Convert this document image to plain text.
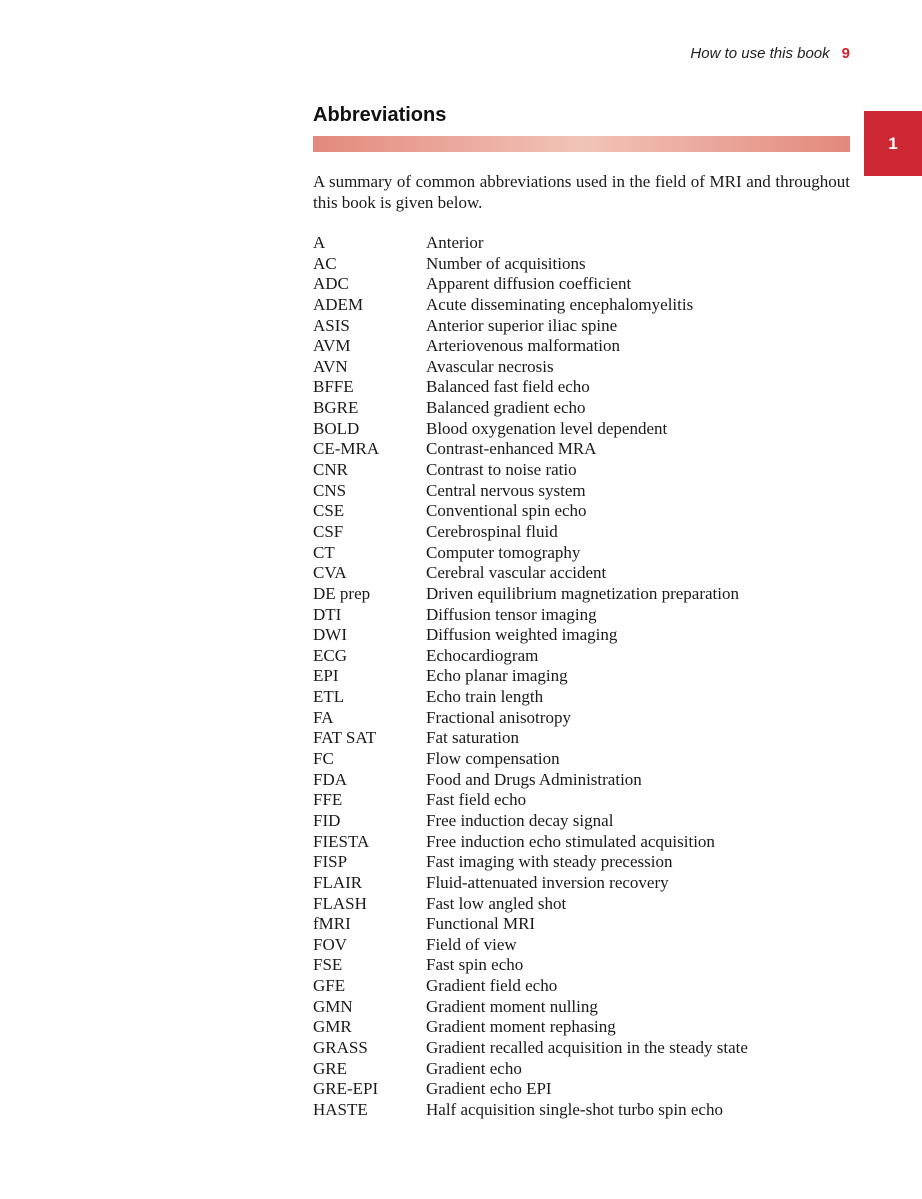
How to use this book 9
1
Abbreviations

A summary of common abbreviations used in the field of MRI and throughout this book is given below.

A	Anterior
AC	Number of acquisitions
ADC	Apparent diffusion coefficient
ADEM	Acute disseminating encephalomyelitis
ASIS	Anterior superior iliac spine
AVM	Arteriovenous malformation
AVN	Avascular necrosis
BFFE	Balanced fast field echo
BGRE	Balanced gradient echo
BOLD	Blood oxygenation level dependent
CE-MRA	Contrast-enhanced MRA
CNR	Contrast to noise ratio
CNS	Central nervous system
CSE	Conventional spin echo
CSF	Cerebrospinal fluid
CT	Computer tomography
CVA	Cerebral vascular accident
DE prep	Driven equilibrium magnetization preparation
DTI	Diffusion tensor imaging
DWI	Diffusion weighted imaging
ECG	Echocardiogram
EPI	Echo planar imaging
ETL	Echo train length
FA	Fractional anisotropy
FAT SAT	Fat saturation
FC	Flow compensation
FDA	Food and Drugs Administration
FFE	Fast field echo
FID	Free induction decay signal
FIESTA	Free induction echo stimulated acquisition
FISP	Fast imaging with steady precession
FLAIR	Fluid-attenuated inversion recovery
FLASH	Fast low angled shot
fMRI	Functional MRI
FOV	Field of view
FSE	Fast spin echo
GFE	Gradient field echo
GMN	Gradient moment nulling
GMR	Gradient moment rephasing
GRASS	Gradient recalled acquisition in the steady state
GRE	Gradient echo
GRE-EPI	Gradient echo EPI
HASTE	Half acquisition single-shot turbo spin echo
